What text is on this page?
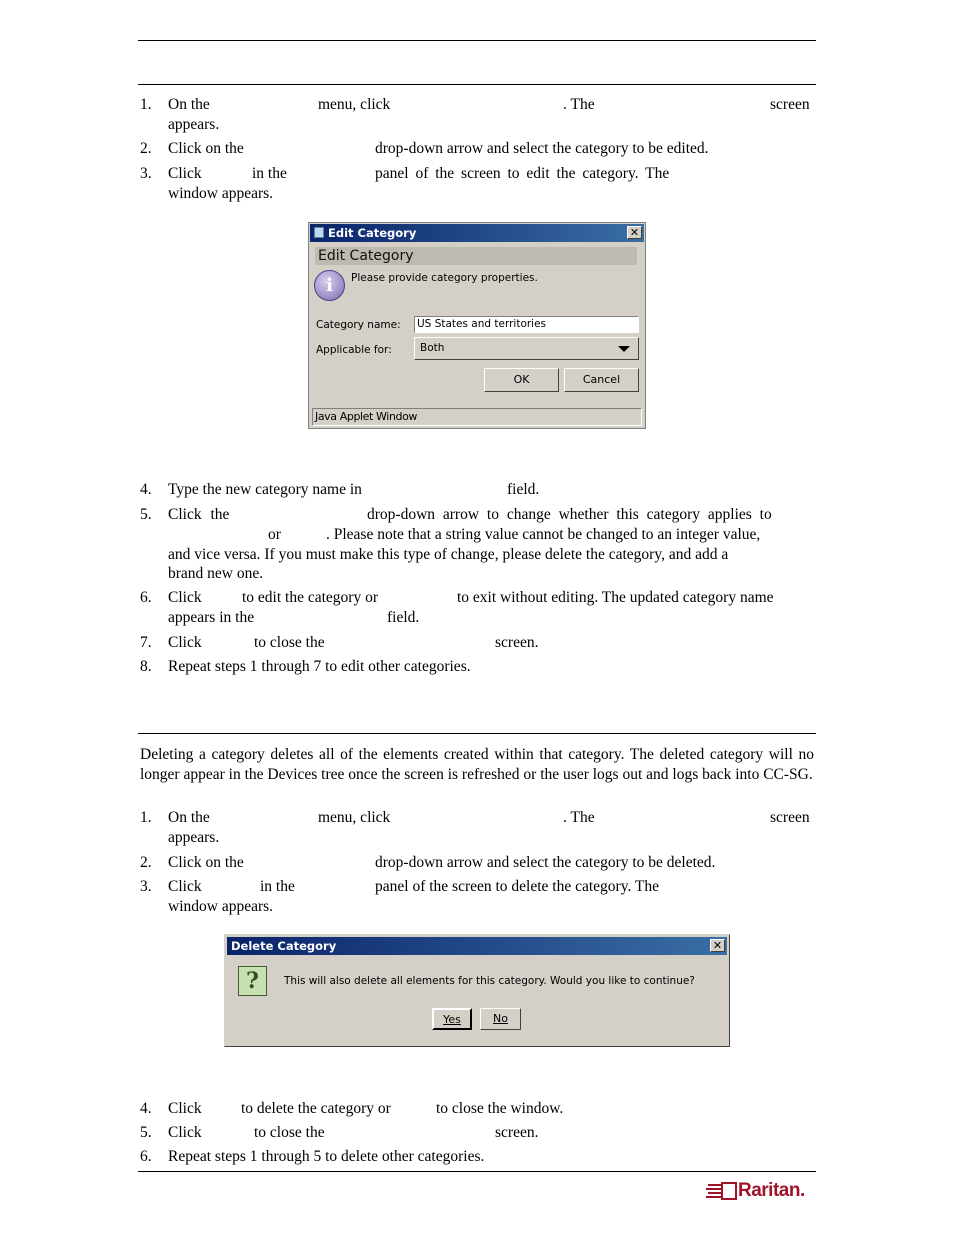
1. On the	menu, click	. The	screen
appears.
2. Click on the	drop-down arrow and select the category to be edited.
3. Click	in the	panel of the screen to edit the category. The
window appears.
Edit Category	✕
Edit Category
i	Please provide category properties.
Category name: US States and territories
Applicable for:	Both
OK	Cancel
Java Applet Window
4. Type the new category name in	field.
5. Click the	drop-down arrow to change whether this category applies to
or	. Please note that a string value cannot be changed to an integer value,
and vice versa. If you must make this type of change, please delete the category, and add a
brand new one.
6. Click	to edit the category or	to exit without editing. The updated category name
appears in the	field.
7. Click	to close the	screen.
8. Repeat steps 1 through 7 to edit other categories.
Deleting a category deletes all of the elements created within that category. The deleted category will no longer appear in the Devices tree once the screen is refreshed or the user logs out and logs back into CC-SG.
1. On the	menu, click	. The	screen
appears.
2. Click on the	drop-down arrow and select the category to be deleted.
3. Click	in the	panel of the screen to delete the category. The
window appears.
Delete Category	✕
?	This will also delete all elements for this category. Would you like to continue?
Yes	No
4. Click	to delete the category or	to close the window.
5. Click	to close the	screen.
6. Repeat steps 1 through 5 to delete other categories.
Raritan.
